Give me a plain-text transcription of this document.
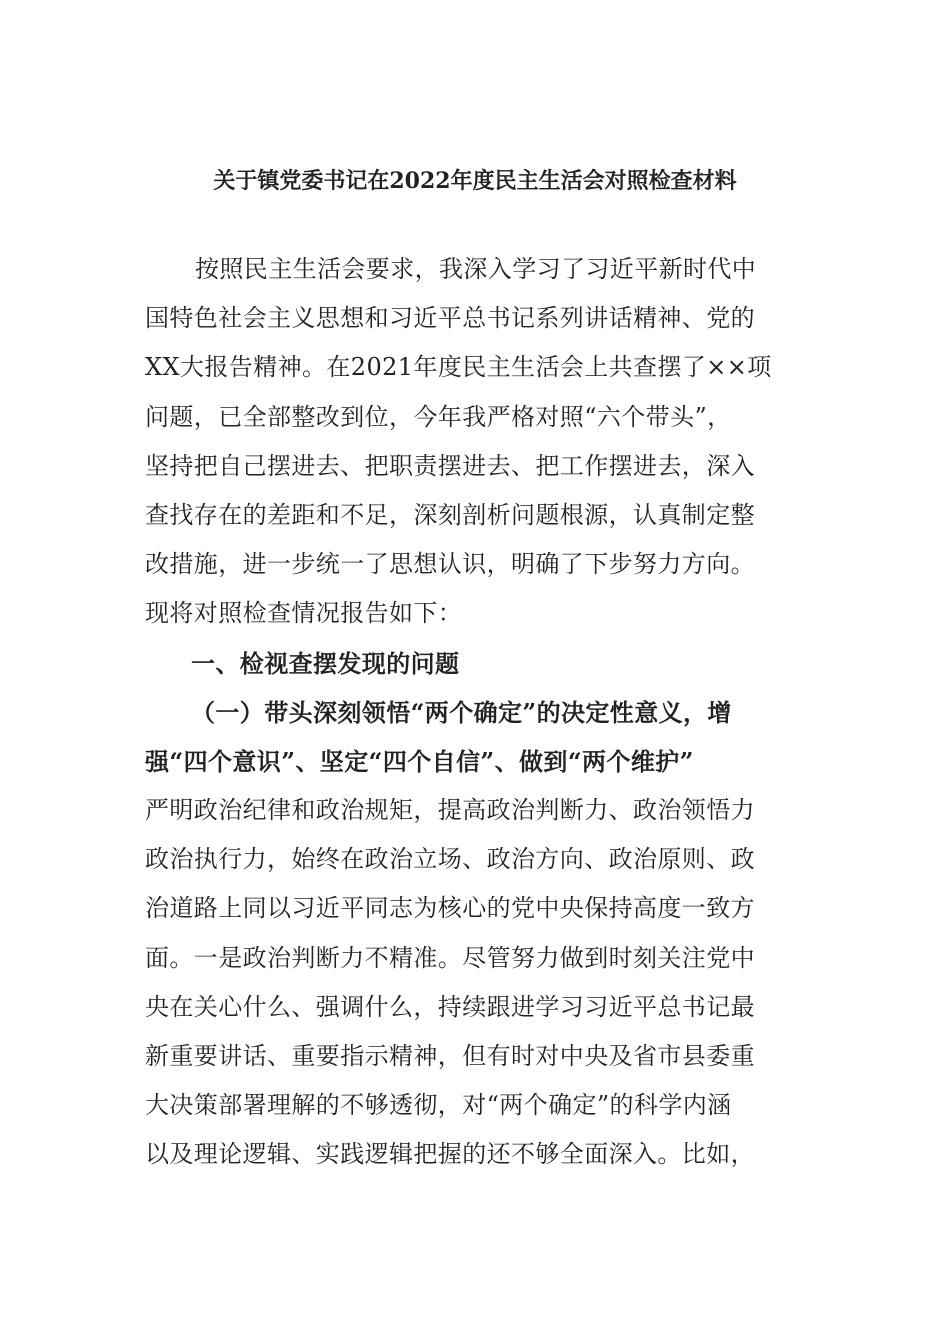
关于镇党委书记在2022年度民主生活会对照检查材料
按照民主生活会要求，我深入学习了习近平新时代中
国特色社会主义思想和习近平总书记系列讲话精神、党的
XX大报告精神。在2021年度民主生活会上共查摆了××项
问题，已全部整改到位，今年我严格对照“六个带头”，
坚持把自己摆进去、把职责摆进去、把工作摆进去，深入
查找存在的差距和不足，深刻剖析问题根源，认真制定整
改措施，进一步统一了思想认识，明确了下步努力方向。
现将对照检查情况报告如下：
一、检视查摆发现的问题
（一）带头深刻领悟“两个确定”的决定性意义，增
强“四个意识”、坚定“四个自信”、做到“两个维护”
严明政治纪律和政治规矩，提高政治判断力、政治领悟力
政治执行力，始终在政治立场、政治方向、政治原则、政
治道路上同以习近平同志为核心的党中央保持高度一致方
面。一是政治判断力不精准。尽管努力做到时刻关注党中
央在关心什么、强调什么，持续跟进学习习近平总书记最
新重要讲话、重要指示精神，但有时对中央及省市县委重
大决策部署理解的不够透彻，对“两个确定”的科学内涵
以及理论逻辑、实践逻辑把握的还不够全面深入。比如，
